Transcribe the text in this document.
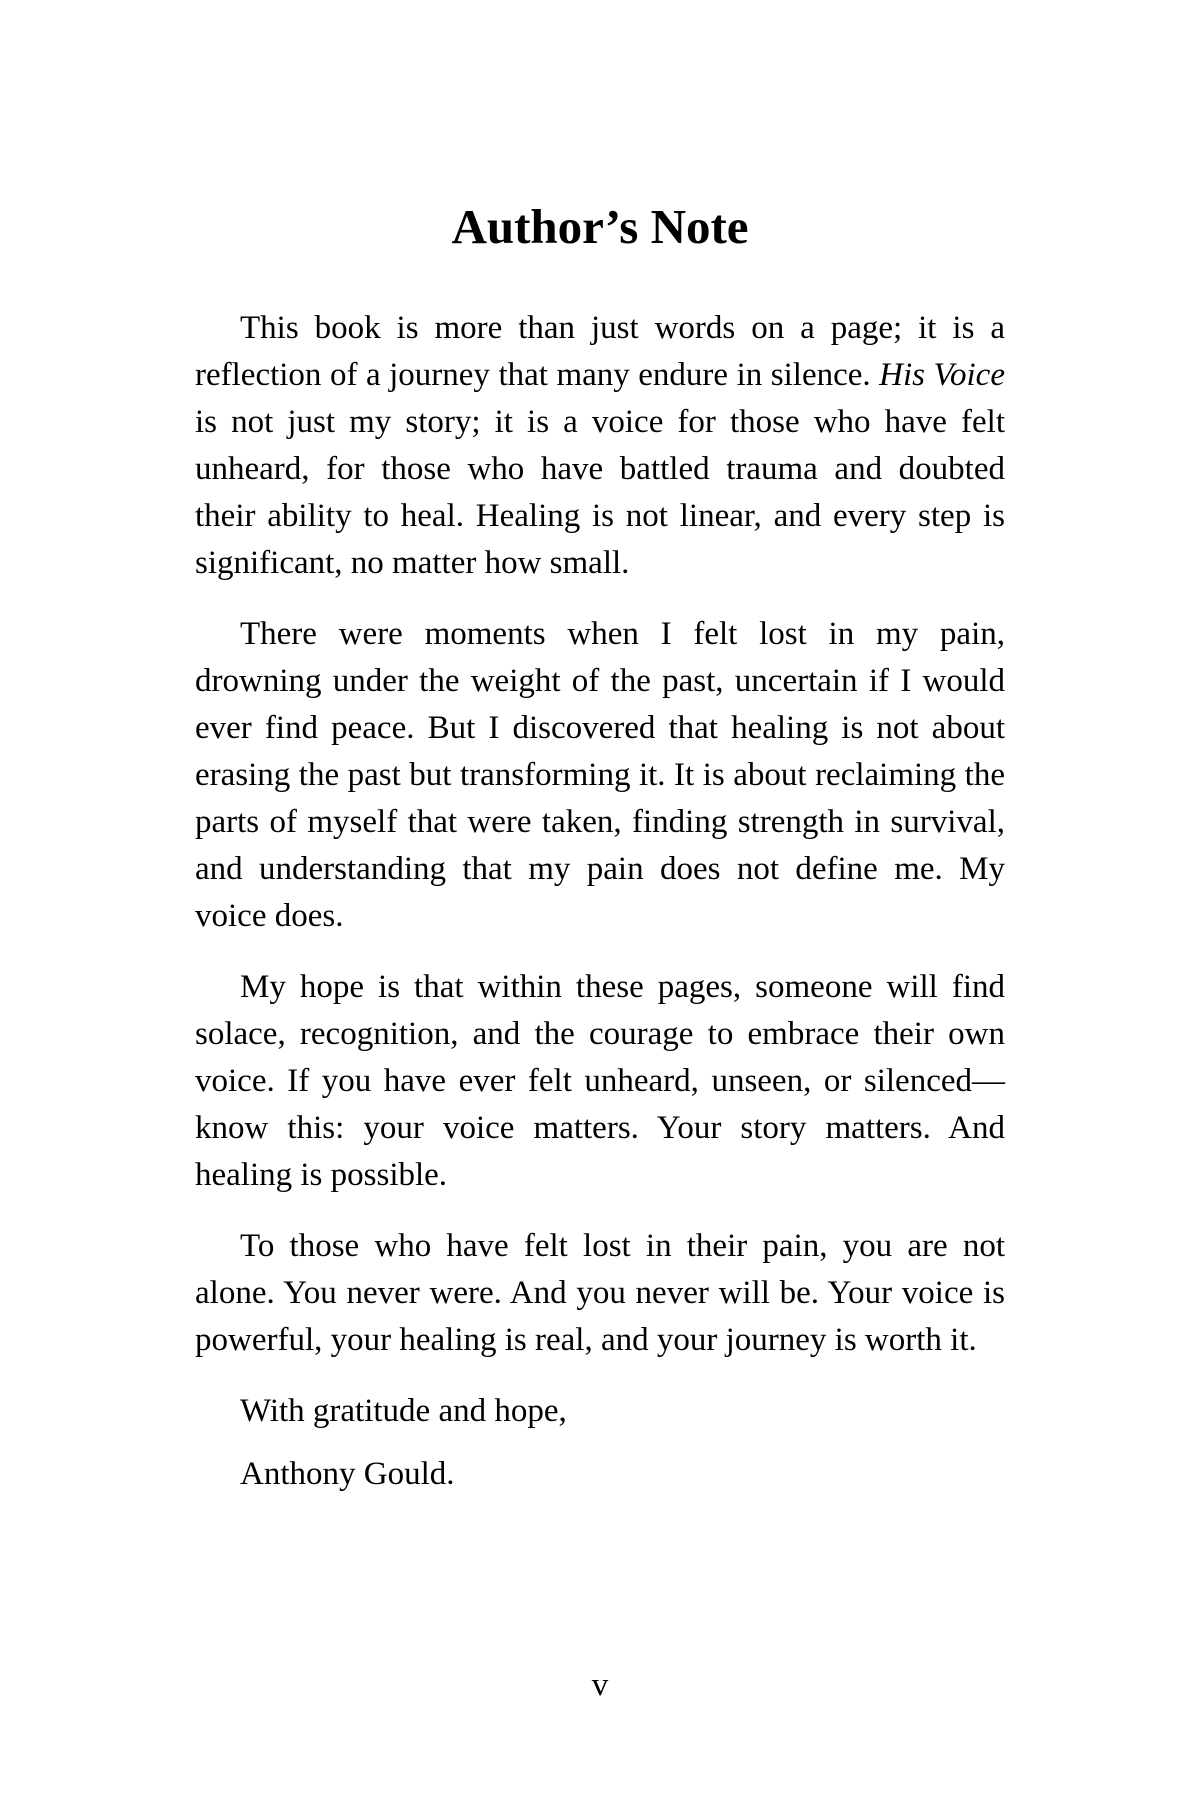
Author’s Note

This book is more than just words on a page; it is a reflection of a journey that many endure in silence. His Voice is not just my story; it is a voice for those who have felt unheard, for those who have battled trauma and doubted their ability to heal. Healing is not linear, and every step is significant, no matter how small.

There were moments when I felt lost in my pain, drowning under the weight of the past, uncertain if I would ever find peace. But I discovered that healing is not about erasing the past but transforming it. It is about reclaiming the parts of myself that were taken, finding strength in survival, and understanding that my pain does not define me. My voice does.

My hope is that within these pages, someone will find solace, recognition, and the courage to embrace their own voice. If you have ever felt unheard, unseen, or silenced—know this: your voice matters. Your story matters. And healing is possible.

To those who have felt lost in their pain, you are not alone. You never were. And you never will be. Your voice is powerful, your healing is real, and your journey is worth it.

With gratitude and hope,

Anthony Gould.

v
